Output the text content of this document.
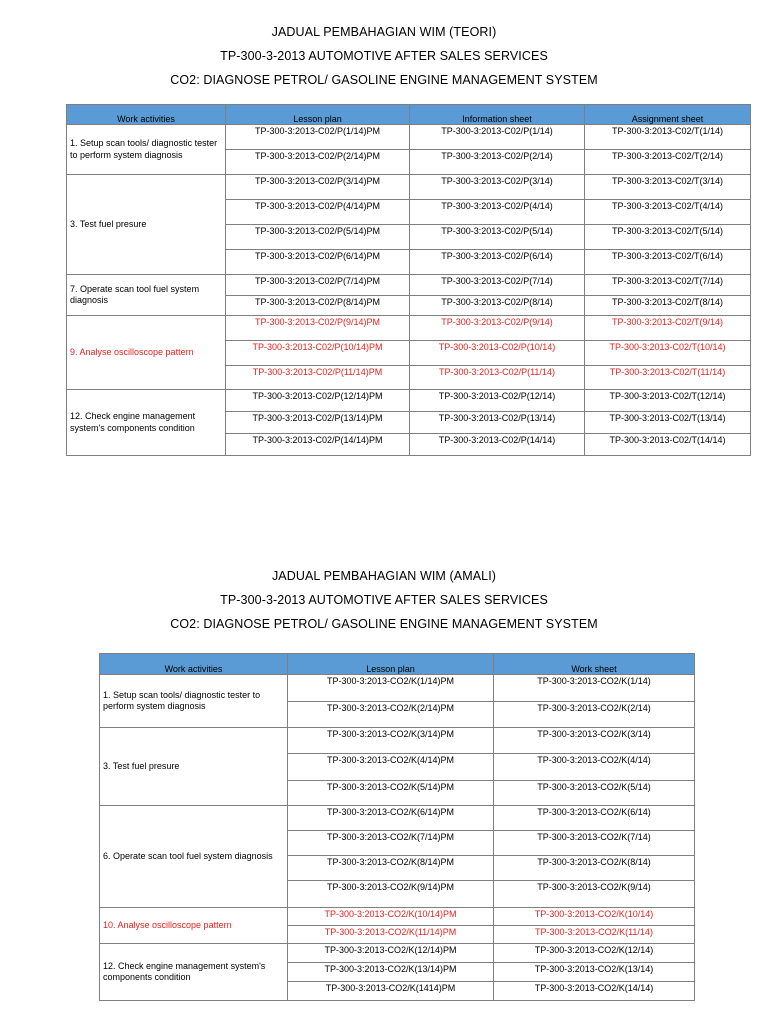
JADUAL PEMBAHAGIAN WIM (TEORI)
TP-300-3-2013 AUTOMOTIVE AFTER SALES SERVICES
CO2: DIAGNOSE PETROL/ GASOLINE ENGINE MANAGEMENT SYSTEM
Work activities	Lesson plan	Information sheet	Assignment sheet
1. Setup scan tools/ diagnostic tester to perform system diagnosis	TP-300-3:2013-C02/P(1/14)PM	TP-300-3:2013-C02/P(1/14)	TP-300-3:2013-C02/T(1/14)
	TP-300-3:2013-C02/P(2/14)PM	TP-300-3:2013-C02/P(2/14)	TP-300-3:2013-C02/T(2/14)
3. Test fuel presure	TP-300-3:2013-C02/P(3/14)PM	TP-300-3:2013-C02/P(3/14)	TP-300-3:2013-C02/T(3/14)
	TP-300-3:2013-C02/P(4/14)PM	TP-300-3:2013-C02/P(4/14)	TP-300-3:2013-C02/T(4/14)
	TP-300-3:2013-C02/P(5/14)PM	TP-300-3:2013-C02/P(5/14)	TP-300-3:2013-C02/T(5/14)
	TP-300-3:2013-C02/P(6/14)PM	TP-300-3:2013-C02/P(6/14)	TP-300-3:2013-C02/T(6/14)
7. Operate scan tool fuel system diagnosis	TP-300-3:2013-C02/P(7/14)PM	TP-300-3:2013-C02/P(7/14)	TP-300-3:2013-C02/T(7/14)
	TP-300-3:2013-C02/P(8/14)PM	TP-300-3:2013-C02/P(8/14)	TP-300-3:2013-C02/T(8/14)
9. Analyse oscilloscope pattern	TP-300-3:2013-C02/P(9/14)PM	TP-300-3:2013-C02/P(9/14)	TP-300-3:2013-C02/T(9/14)
	TP-300-3:2013-C02/P(10/14)PM	TP-300-3:2013-C02/P(10/14)	TP-300-3:2013-C02/T(10/14)
	TP-300-3:2013-C02/P(11/14)PM	TP-300-3:2013-C02/P(11/14)	TP-300-3:2013-C02/T(11/14)
12. Check engine management system's components condition	TP-300-3:2013-C02/P(12/14)PM	TP-300-3:2013-C02/P(12/14)	TP-300-3:2013-C02/T(12/14)
	TP-300-3:2013-C02/P(13/14)PM	TP-300-3:2013-C02/P(13/14)	TP-300-3:2013-C02/T(13/14)
	TP-300-3:2013-C02/P(14/14)PM	TP-300-3:2013-C02/P(14/14)	TP-300-3:2013-C02/T(14/14)
JADUAL PEMBAHAGIAN WIM (AMALI)
TP-300-3-2013 AUTOMOTIVE AFTER SALES SERVICES
CO2: DIAGNOSE PETROL/ GASOLINE ENGINE MANAGEMENT SYSTEM
Work activities	Lesson plan	Work sheet
1. Setup scan tools/ diagnostic tester to perform system diagnosis	TP-300-3:2013-CO2/K(1/14)PM	TP-300-3:2013-CO2/K(1/14)
	TP-300-3:2013-CO2/K(2/14)PM	TP-300-3:2013-CO2/K(2/14)
3. Test fuel presure	TP-300-3:2013-CO2/K(3/14)PM	TP-300-3:2013-CO2/K(3/14)
	TP-300-3:2013-CO2/K(4/14)PM	TP-300-3:2013-CO2/K(4/14)
	TP-300-3:2013-CO2/K(5/14)PM	TP-300-3:2013-CO2/K(5/14)
6. Operate scan tool fuel system diagnosis	TP-300-3:2013-CO2/K(6/14)PM	TP-300-3:2013-CO2/K(6/14)
	TP-300-3:2013-CO2/K(7/14)PM	TP-300-3:2013-CO2/K(7/14)
	TP-300-3:2013-CO2/K(8/14)PM	TP-300-3:2013-CO2/K(8/14)
	TP-300-3:2013-CO2/K(9/14)PM	TP-300-3:2013-CO2/K(9/14)
10. Analyse oscilloscope pattern	TP-300-3:2013-CO2/K(10/14)PM	TP-300-3:2013-CO2/K(10/14)
	TP-300-3:2013-CO2/K(11/14)PM	TP-300-3:2013-CO2/K(11/14)
12. Check engine management system's components condition	TP-300-3:2013-CO2/K(12/14)PM	TP-300-3:2013-CO2/K(12/14)
	TP-300-3:2013-CO2/K(13/14)PM	TP-300-3:2013-CO2/K(13/14)
	TP-300-3:2013-CO2/K(1414)PM	TP-300-3:2013-CO2/K(14/14)
